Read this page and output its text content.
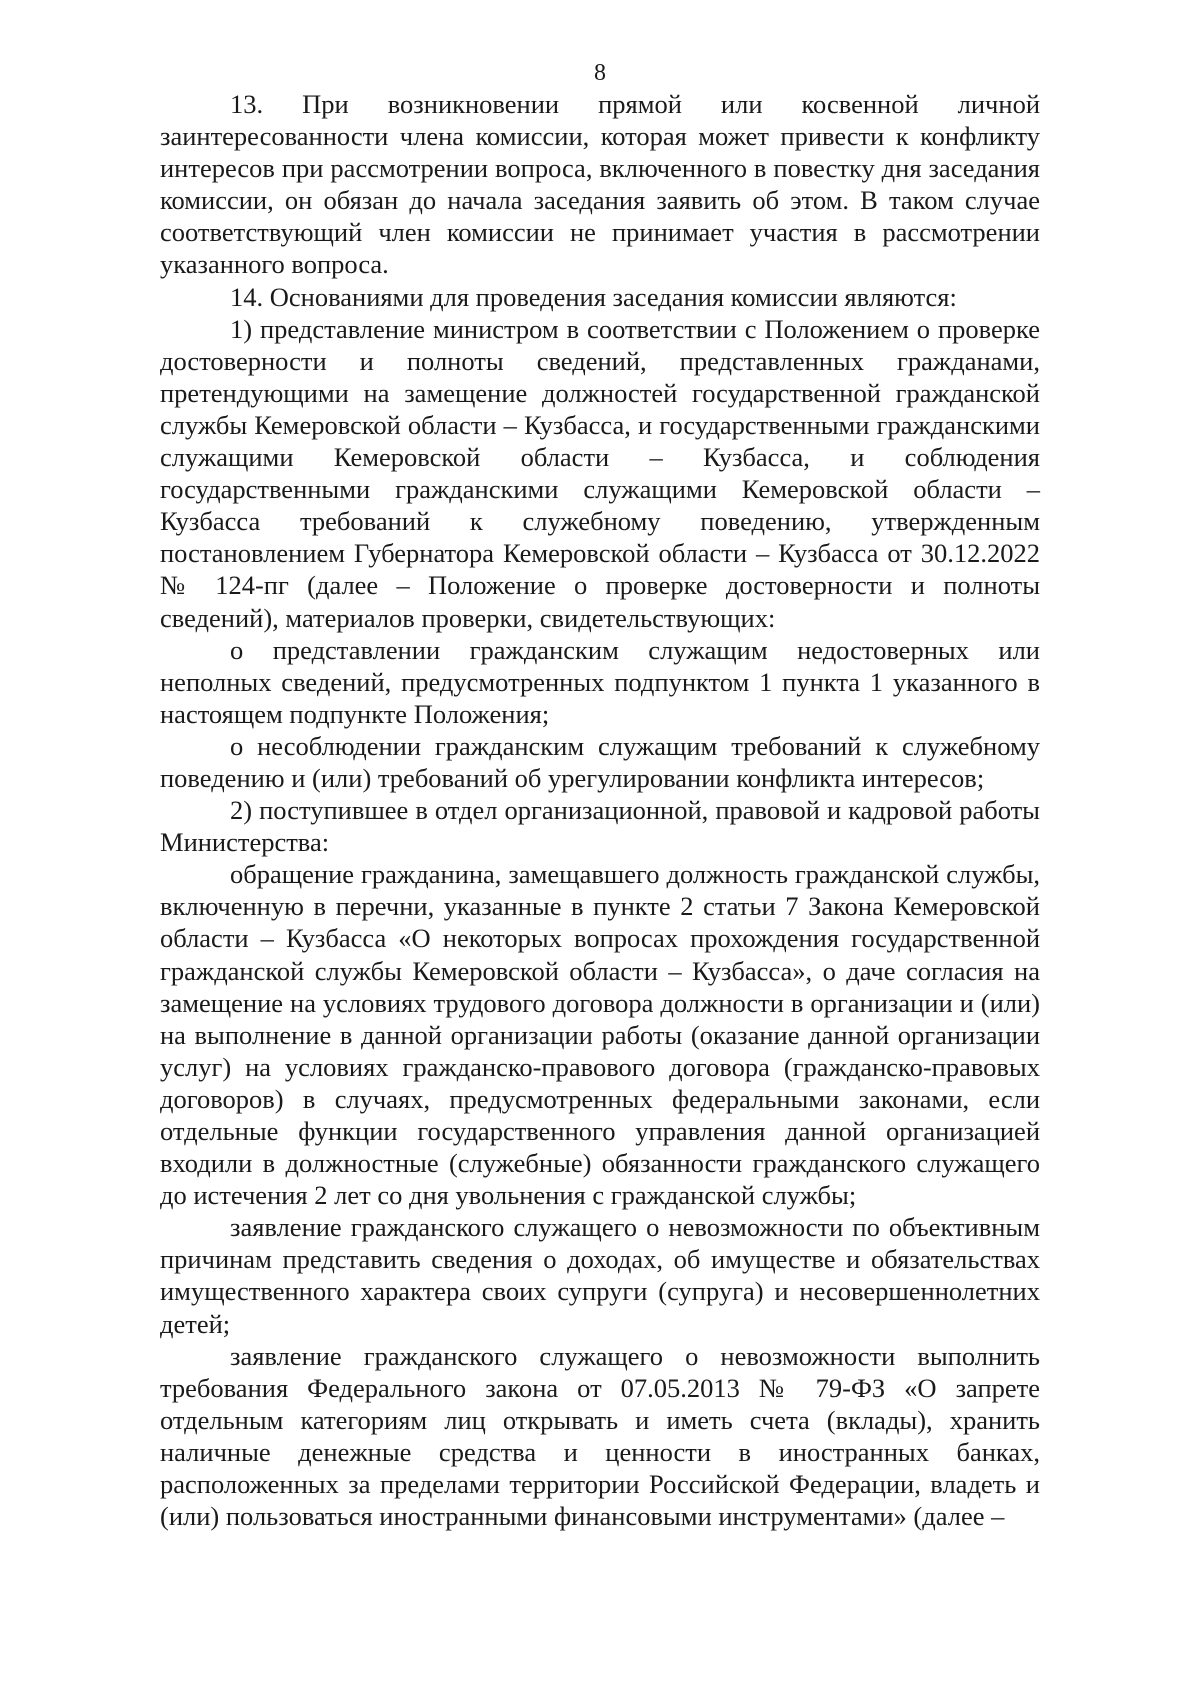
8

13. При возникновении прямой или косвенной личной заинтересованности члена комиссии, которая может привести к конфликту интересов при рассмотрении вопроса, включенного в повестку дня заседания комиссии, он обязан до начала заседания заявить об этом. В таком случае соответствующий член комиссии не принимает участия в рассмотрении указанного вопроса.

14. Основаниями для проведения заседания комиссии являются:

1) представление министром в соответствии с Положением о проверке достоверности и полноты сведений, представленных гражданами, претендующими на замещение должностей государственной гражданской службы Кемеровской области – Кузбасса, и государственными гражданскими служащими Кемеровской области – Кузбасса, и соблюдения государственными гражданскими служащими Кемеровской области – Кузбасса требований к служебному поведению, утвержденным постановлением Губернатора Кемеровской области – Кузбасса от 30.12.2022 № 124-пг (далее – Положение о проверке достоверности и полноты сведений), материалов проверки, свидетельствующих:

о представлении гражданским служащим недостоверных или неполных сведений, предусмотренных подпунктом 1 пункта 1 указанного в настоящем подпункте Положения;

о несоблюдении гражданским служащим требований к служебному поведению и (или) требований об урегулировании конфликта интересов;

2) поступившее в отдел организационной, правовой и кадровой работы Министерства:

обращение гражданина, замещавшего должность гражданской службы, включенную в перечни, указанные в пункте 2 статьи 7 Закона Кемеровской области – Кузбасса «О некоторых вопросах прохождения государственной гражданской службы Кемеровской области – Кузбасса», о даче согласия на замещение на условиях трудового договора должности в организации и (или) на выполнение в данной организации работы (оказание данной организации услуг) на условиях гражданско-правового договора (гражданско-правовых договоров) в случаях, предусмотренных федеральными законами, если отдельные функции государственного управления данной организацией входили в должностные (служебные) обязанности гражданского служащего до истечения 2 лет со дня увольнения с гражданской службы;

заявление гражданского служащего о невозможности по объективным причинам представить сведения о доходах, об имуществе и обязательствах имущественного характера своих супруги (супруга) и несовершеннолетних детей;

заявление гражданского служащего о невозможности выполнить требования Федерального закона от 07.05.2013 № 79-ФЗ «О запрете отдельным категориям лиц открывать и иметь счета (вклады), хранить наличные денежные средства и ценности в иностранных банках, расположенных за пределами территории Российской Федерации, владеть и (или) пользоваться иностранными финансовыми инструментами» (далее –
